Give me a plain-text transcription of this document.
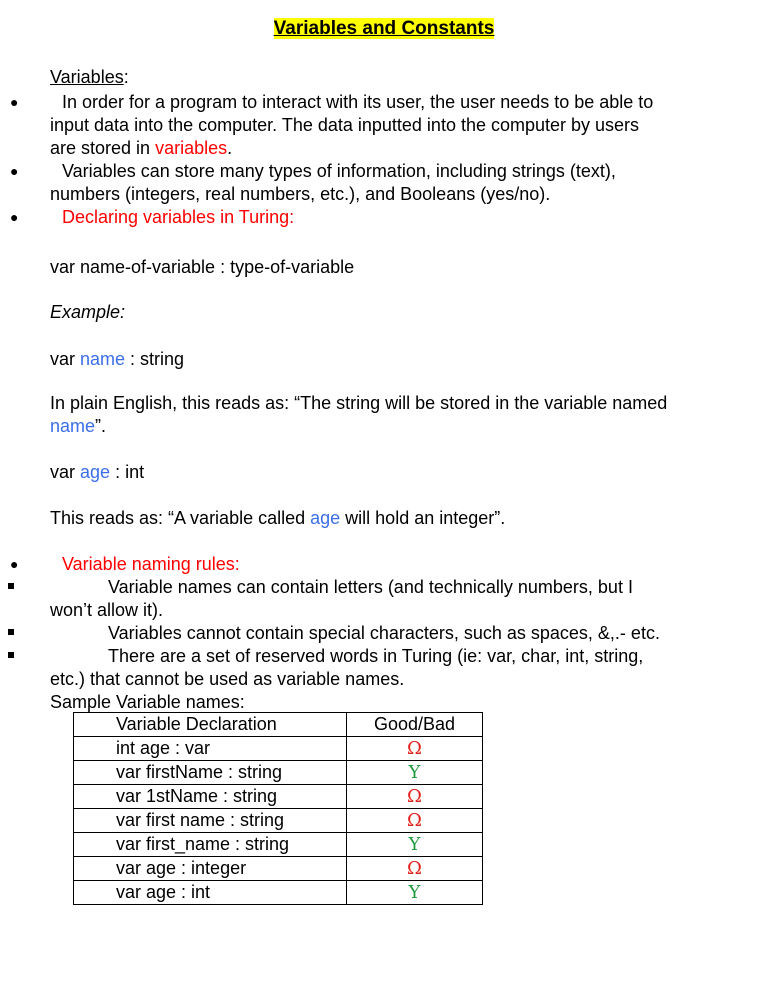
Variables and Constants
Variables:
● In order for a program to interact with its user, the user needs to be able to
input data into the computer. The data inputted into the computer by users
are stored in variables.
● Variables can store many types of information, including strings (text),
numbers (integers, real numbers, etc.), and Booleans (yes/no).
● Declaring variables in Turing:
var name-of-variable : type-of-variable
Example:
var name : string
In plain English, this reads as: “The string will be stored in the variable named
name”.
var age : int
This reads as: “A variable called age will hold an integer”.
● Variable naming rules:
Variable names can contain letters (and technically numbers, but I
won’t allow it).
Variables cannot contain special characters, such as spaces, &,.- etc.
There are a set of reserved words in Turing (ie: var, char, int, string,
etc.) that cannot be used as variable names.
Sample Variable names:
Variable Declaration	Good/Bad
int age : var	Ω
var firstName : string	Y
var 1stName : string	Ω
var first name : string	Ω
var first_name : string	Y
var age : integer	Ω
var age : int	Y
